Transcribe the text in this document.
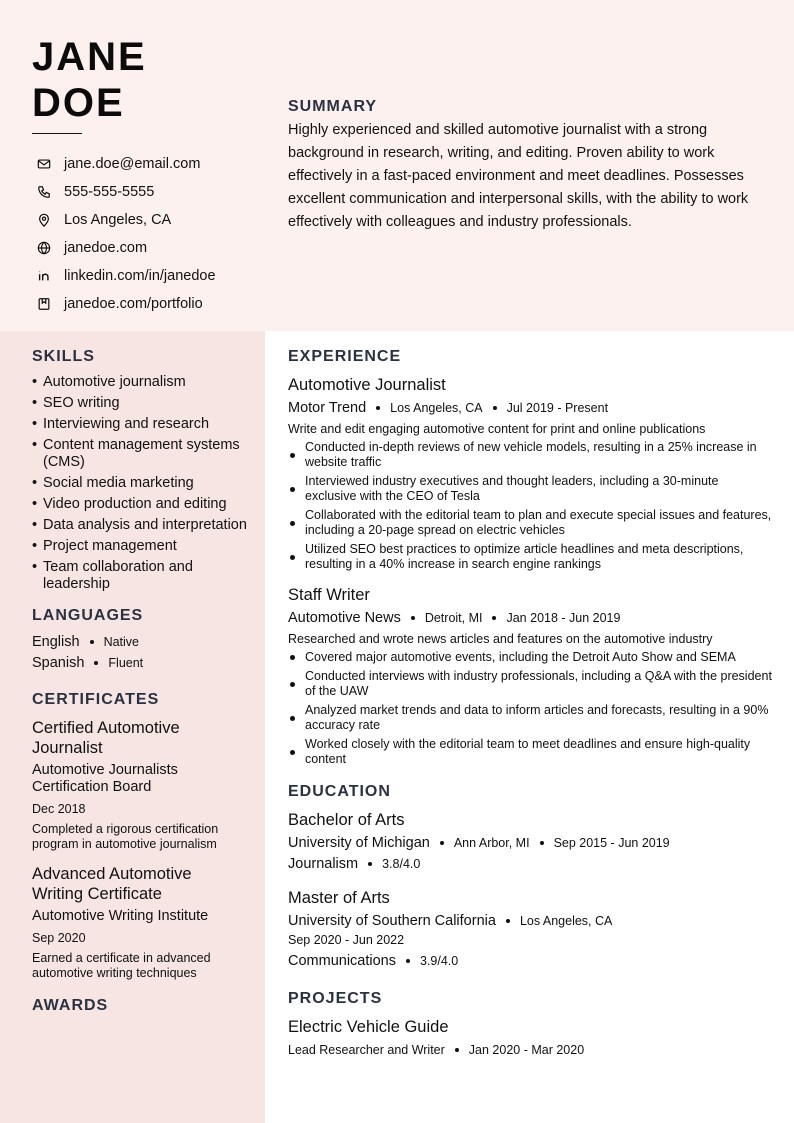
JANE
DOE
jane.doe@email.com
555-555-5555
Los Angeles, CA
janedoe.com
linkedin.com/in/janedoe
janedoe.com/portfolio
SUMMARY

Highly experienced and skilled automotive journalist with a strong background in research, writing, and editing. Proven ability to work effectively in a fast-paced environment and meet deadlines. Possesses excellent communication and interpersonal skills, with the ability to work effectively with colleagues and industry professionals.

SKILLS
• Automotive journalism
• SEO writing
• Interviewing and research
• Content management systems (CMS)
• Social media marketing
• Video production and editing
• Data analysis and interpretation
• Project management
• Team collaboration and leadership
LANGUAGES
English Native
Spanish Fluent
CERTIFICATES
Certified Automotive Journalist
Automotive Journalists Certification Board
Dec 2018
Completed a rigorous certification program in automotive journalism
Advanced Automotive Writing Certificate
Automotive Writing Institute
Sep 2020
Earned a certificate in advanced automotive writing techniques
AWARDS
EXPERIENCE
Automotive Journalist
Motor Trend Los Angeles, CA Jul 2019 - Present
Write and edit engaging automotive content for print and online publications
Conducted in-depth reviews of new vehicle models, resulting in a 25% increase in website traffic
Interviewed industry executives and thought leaders, including a 30-minute exclusive with the CEO of Tesla
Collaborated with the editorial team to plan and execute special issues and features, including a 20-page spread on electric vehicles
Utilized SEO best practices to optimize article headlines and meta descriptions, resulting in a 40% increase in search engine rankings
Staff Writer
Automotive News Detroit, MI Jan 2018 - Jun 2019
Researched and wrote news articles and features on the automotive industry
Covered major automotive events, including the Detroit Auto Show and SEMA
Conducted interviews with industry professionals, including a Q&A with the president of the UAW
Analyzed market trends and data to inform articles and forecasts, resulting in a 90% accuracy rate
Worked closely with the editorial team to meet deadlines and ensure high-quality content
EDUCATION
Bachelor of Arts
University of Michigan Ann Arbor, MI Sep 2015 - Jun 2019
Journalism 3.8/4.0
Master of Arts
University of Southern California Los Angeles, CA
Sep 2020 - Jun 2022
Communications 3.9/4.0
PROJECTS
Electric Vehicle Guide
Lead Researcher and Writer Jan 2020 - Mar 2020
